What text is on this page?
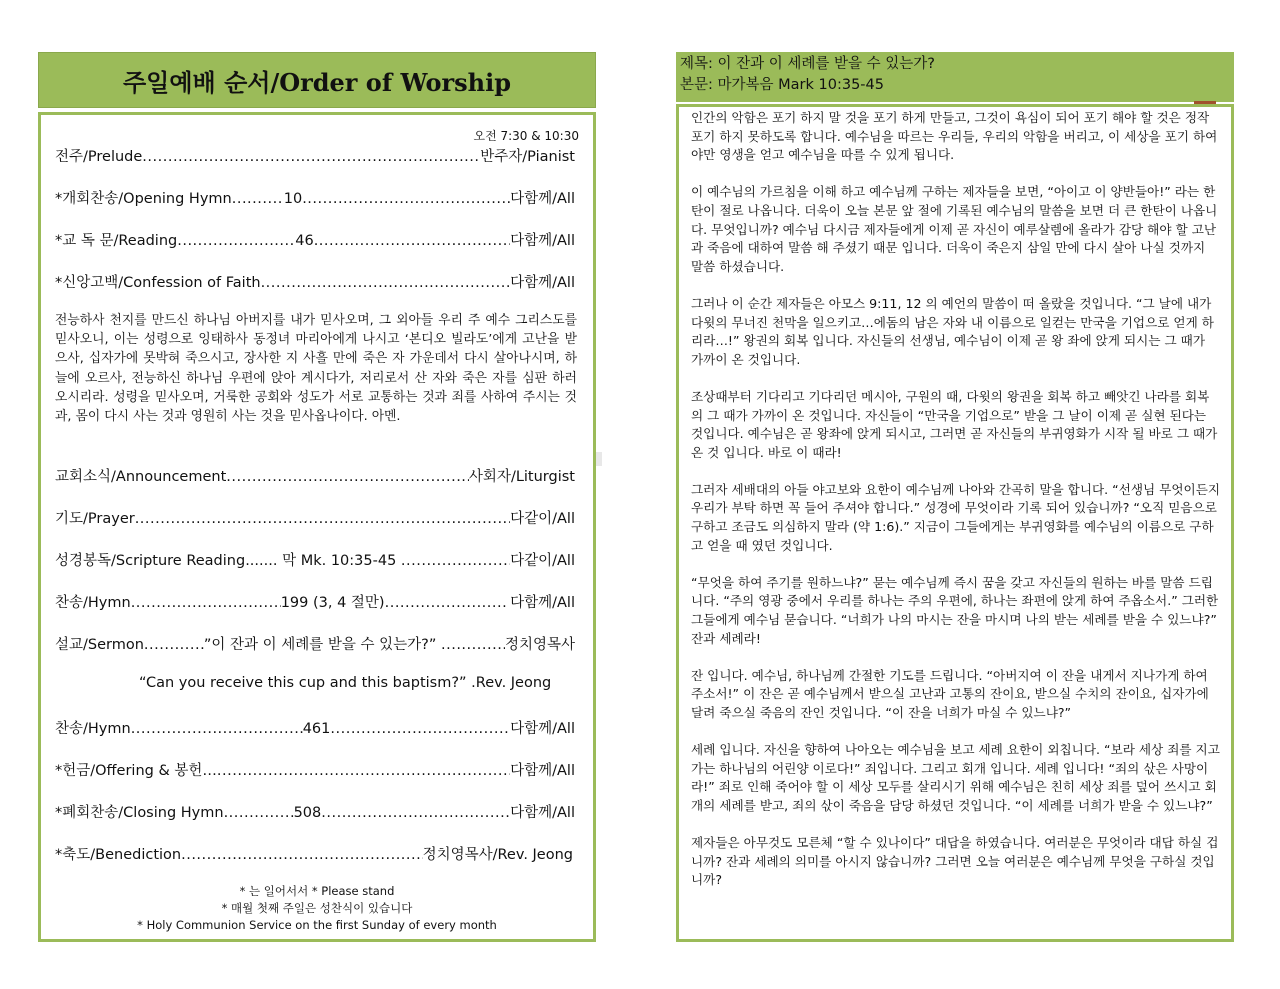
주일예배 순서/Order of Worship
오전 7:30 & 10:30
전주/Prelude .....	반주자/Pianist
*개회찬송/Opening Hymn .....	10 .....	다함께/All
*교 독 문/Reading .....	46 .....	다함께/All
*신앙고백/Confession of Faith .....	다함께/All
전능하사 천지를 만드신 하나님 아버지를 내가 믿사오며, 그 외아들 우리 주 예수 그리스도를 믿사오니, 이는 성령으로 잉태하사 동정녀 마리아에게 나시고 ‘본디오 빌라도’에게 고난을 받으사, 십자가에 못박혀 죽으시고, 장사한 지 사흘 만에 죽은 자 가운데서 다시 살아나시며, 하늘에 오르사, 전능하신 하나님 우편에 앉아 계시다가, 저리로서 산 자와 죽은 자를 심판 하러 오시리라. 성령을 믿사오며, 거룩한 공회와 성도가 서로 교통하는 것과 죄를 사하여 주시는 것과, 몸이 다시 사는 것과 영원히 사는 것을 믿사옵나이다. 아멘.
교회소식/Announcement .....	사회자/Liturgist
기도/Prayer .....	다같이/All
성경봉독/Scripture Reading ....... 막 Mk. 10:35-45 .....	다같이/All
찬송/Hymn .....	199 (3, 4 절만) .....	다함께/All
설교/Sermon .....	”이 잔과 이 세례를 받을 수 있는가?” .....	정치영목사
“Can you receive this cup and this baptism?” .Rev. Jeong
찬송/Hymn .....	461 .....	다함께/All
*헌금/Offering & 봉헌… .....	다함께/All
*폐회찬송/Closing Hymn .....	508 .....	다함께/All
*축도/Benediction .....	정치영목사/Rev. Jeong
* 는 일어서서 * Please stand
* 매월 첫째 주일은 성찬식이 있습니다
* Holy Communion Service on the first Sunday of every month
제목: 이 잔과 이 세례를 받을 수 있는가?
본문: 마가복음 Mark 10:35-45

인간의 악함은 포기 하지 말 것을 포기 하게 만들고, 그것이 욕심이 되어 포기 해야 할 것은 정작 포기 하지 못하도록 합니다. 예수님을 따르는 우리들, 우리의 악함을 버리고, 이 세상을 포기 하여야만 영생을 얻고 예수님을 따를 수 있게 됩니다.

이 예수님의 가르침을 이해 하고 예수님께 구하는 제자들을 보면, “아이고 이 양반들아!” 라는 한탄이 절로 나옵니다. 더욱이 오늘 본문 앞 절에 기록된 예수님의 말씀을 보면 더 큰 한탄이 나옵니다. 무엇입니까? 예수님 다시금 제자들에게 이제 곧 자신이 예루살렘에 올라가 감당 해야 할 고난과 죽음에 대하여 말씀 해 주셨기 때문 입니다. 더욱이 죽은지 삼일 만에 다시 살아 나실 것까지 말씀 하셨습니다.

그러나 이 순간 제자들은 아모스 9:11, 12 의 예언의 말씀이 떠 올랐을 것입니다. “그 날에 내가 다윗의 무너진 천막을 일으키고…에돔의 남은 자와 내 이름으로 일컫는 만국을 기업으로 얻게 하리라…!” 왕권의 회복 입니다. 자신들의 선생님, 예수님이 이제 곧 왕 좌에 앉게 되시는 그 때가 가까이 온 것입니다.

조상때부터 기다리고 기다리던 메시아, 구원의 때, 다윗의 왕권을 회복 하고 빼앗긴 나라를 회복의 그 때가 가까이 온 것입니다. 자신들이 “만국을 기업으로” 받을 그 날이 이제 곧 실현 된다는 것입니다. 예수님은 곧 왕좌에 앉게 되시고, 그러면 곧 자신들의 부귀영화가 시작 될 바로 그 때가 온 것 입니다. 바로 이 때라!

그러자 세배대의 아들 야고보와 요한이 예수님께 나아와 간곡히 말을 합니다. “선생님 무엇이든지 우리가 부탁 하면 꼭 들어 주셔야 합니다.” 성경에 무엇이라 기록 되어 있습니까? “오직 믿음으로 구하고 조금도 의심하지 말라 (약 1:6).” 지금이 그들에게는 부귀영화를 예수님의 이름으로 구하고 얻을 때 였던 것입니다.

“무엇을 하여 주기를 원하느냐?” 묻는 예수님께 즉시 꿈을 갖고 자신들의 원하는 바를 말씀 드립니다. “주의 영광 중에서 우리를 하나는 주의 우편에, 하나는 좌편에 앉게 하여 주옵소서.” 그러한 그들에게 예수님 묻습니다. “너희가 나의 마시는 잔을 마시며 나의 받는 세례를 받을 수 있느냐?” 잔과 세례라!

잔 입니다. 예수님, 하나님께 간절한 기도를 드립니다. “아버지여 이 잔을 내게서 지나가게 하여 주소서!” 이 잔은 곧 예수님께서 받으실 고난과 고통의 잔이요, 받으실 수치의 잔이요, 십자가에 달려 죽으실 죽음의 잔인 것입니다. “이 잔을 너희가 마실 수 있느냐?”

세례 입니다. 자신을 향하여 나아오는 예수님을 보고 세례 요한이 외칩니다. “보라 세상 죄를 지고 가는 하나님의 어린양 이로다!” 죄입니다. 그리고 회개 입니다. 세례 입니다! “죄의 삯은 사망이라!” 죄로 인해 죽어야 할 이 세상 모두를 살리시기 위해 예수님은 친히 세상 죄를 덮어 쓰시고 회개의 세례를 받고, 죄의 삯이 죽음을 담당 하셨던 것입니다. “이 세례를 너희가 받을 수 있느냐?”

제자들은 아무것도 모른체 “할 수 있나이다” 대답을 하였습니다. 여러분은 무엇이라 대답 하실 겁니까? 잔과 세례의 의미를 아시지 않습니까? 그러면 오늘 여러분은 예수님께 무엇을 구하실 것입니까?
